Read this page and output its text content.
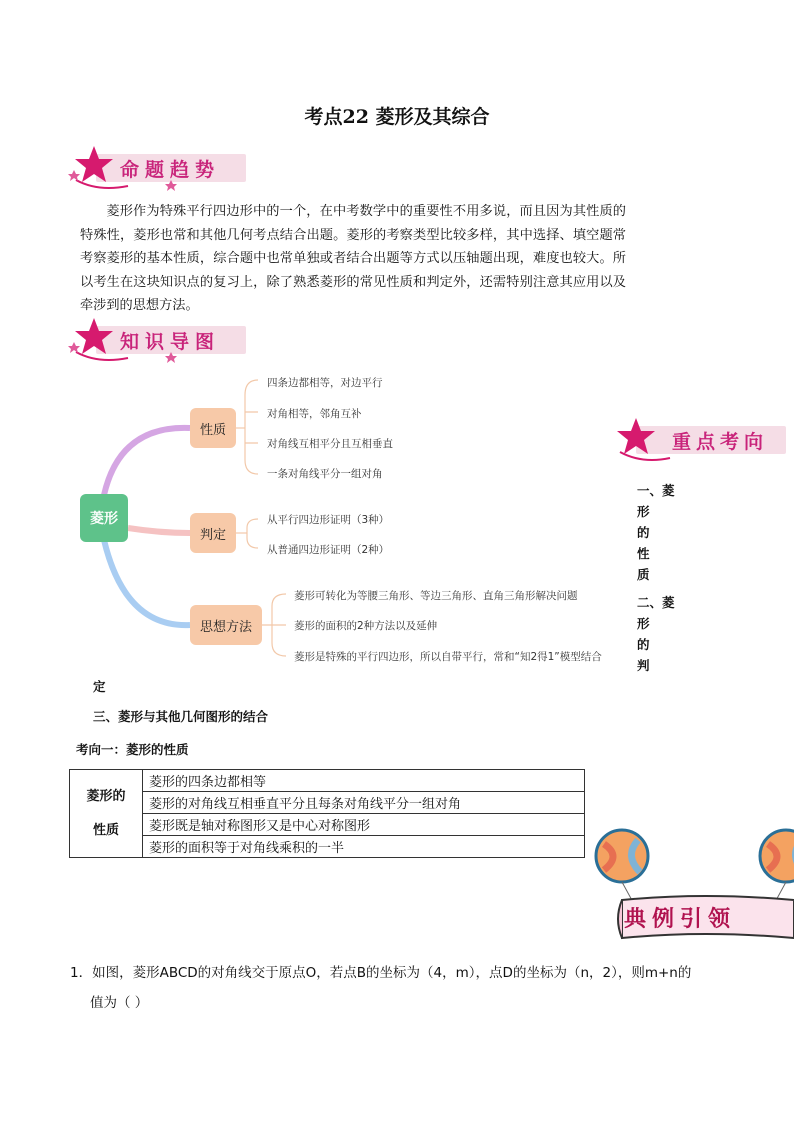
考点22 菱形及其综合
命题趋势
菱形作为特殊平行四边形中的一个，在中考数学中的重要性不用多说，而且因为其性质的特殊性，菱形也常和其他几何考点结合出题。菱形的考察类型比较多样，其中选择、填空题常考察菱形的基本性质，综合题中也常单独或者结合出题等方式以压轴题出现，难度也较大。所以考生在这块知识点的复习上，除了熟悉菱形的常见性质和判定外，还需特别注意其应用以及牵涉到的思想方法。
知识导图
菱形
性质
判定
思想方法
四条边都相等，对边平行
对角相等，邻角互补
对角线互相平分且互相垂直
一条对角线平分一组对角
从平行四边形证明（3种）
从普通四边形证明（2种）
菱形可转化为等腰三角形、等边三角形、直角三角形解决问题
菱形的面积的2种方法以及延伸
菱形是特殊的平行四边形，所以自带平行，常和“知2得1”模型结合
重点考向
一、菱
形
的
性
质
二、菱
形
的
判
定
三、菱形与其他几何图形的结合
考向一：菱形的性质
菱形的
性质
	菱形的四条边都相等
菱形的对角线互相垂直平分且每条对角线平分一组对角
菱形既是轴对称图形又是中心对称图形
菱形的面积等于对角线乘积的一半
典例引领
1．如图，菱形ABCD的对角线交于原点O，若点B的坐标为（4，m），点D的坐标为（n，2），则m+n的
值为（ ）
